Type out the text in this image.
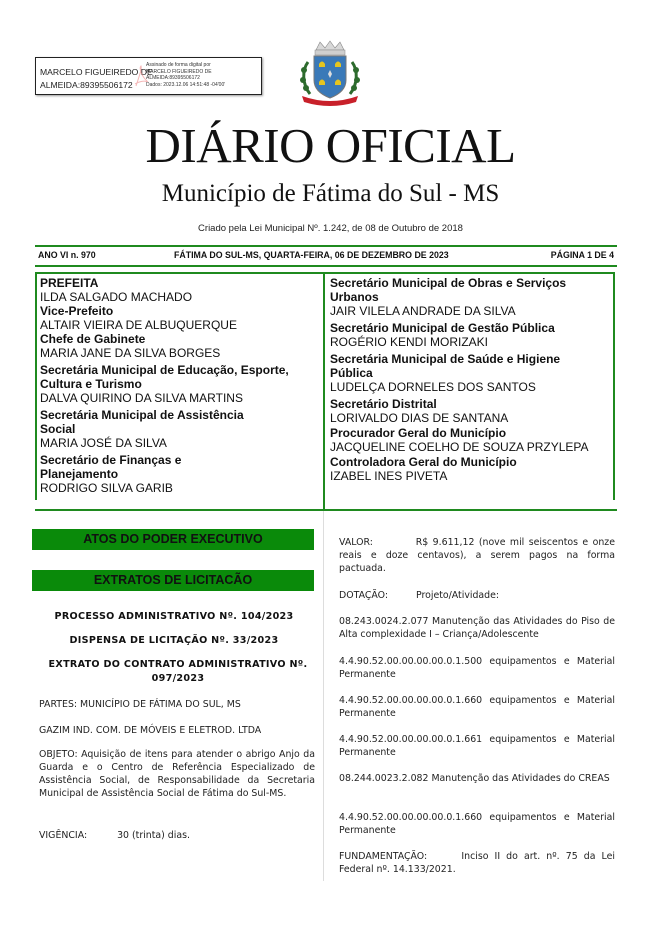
MARCELO FIGUEIREDO DE
ALMEIDA:89395506172
Assinado de forma digital por
MARCELO FIGUEIREDO DE
ALMEIDA:89395506172
Dados: 2023.12.06 14:51:48 -04'00'
DIÁRIO OFICIAL
Município de Fátima do Sul - MS
Criado pela Lei Municipal Nº. 1.242, de 08 de Outubro de 2018
ANO VI n. 970	FÁTIMA DO SUL-MS, QUARTA-FEIRA, 06 DE DEZEMBRO DE 2023	PÁGINA 1 DE 4
PREFEITA
ILDA SALGADO MACHADO
Vice-Prefeito
ALTAIR VIEIRA DE ALBUQUERQUE
Chefe de Gabinete
MARIA JANE DA SILVA BORGES
Secretária Municipal de Educação, Esporte, Cultura e Turismo
DALVA QUIRINO DA SILVA MARTINS
Secretária Municipal de Assistência Social
MARIA JOSÉ DA SILVA
Secretário de Finanças e Planejamento
RODRIGO SILVA GARIB
Secretário Municipal de Obras e Serviços Urbanos
JAIR VILELA ANDRADE DA SILVA
Secretário Municipal de Gestão Pública
ROGÉRIO KENDI MORIZAKI
Secretária Municipal de Saúde e Higiene Pública
LUDELÇA DORNELES DOS SANTOS
Secretário Distrital
LORIVALDO DIAS DE SANTANA
Procurador Geral do Município
JACQUELINE COELHO DE SOUZA PRZYLEPA
Controladora Geral do Município
IZABEL INES PIVETA
ATOS DO PODER EXECUTIVO
EXTRATOS DE LICITACÃO
PROCESSO ADMINISTRATIVO Nº. 104/2023
DISPENSA DE LICITAÇÃO Nº. 33/2023
EXTRATO DO CONTRATO ADMINISTRATIVO Nº. 097/2023
PARTES: MUNICÍPIO DE FÁTIMA DO SUL, MS
GAZIM IND. COM. DE MÓVEIS E ELETROD. LTDA
OBJETO: Aquisição de itens para atender o abrigo Anjo da Guarda e o Centro de Referência Especializado de Assistência Social, de Responsabilidade da Secretaria Municipal de Assistência Social de Fátima do Sul-MS.
VIGÊNCIA:	30 (trinta) dias.
VALOR:	R$ 9.611,12 (nove mil seiscentos e onze reais e doze centavos), a serem pagos na forma pactuada.
DOTAÇÃO:	Projeto/Atividade:
08.243.0024.2.077 Manutenção das Atividades do Piso de Alta complexidade I – Criança/Adolescente
4.4.90.52.00.00.00.00.0.1.500 equipamentos e Material Permanente
4.4.90.52.00.00.00.00.0.1.660 equipamentos e Material Permanente
4.4.90.52.00.00.00.00.0.1.661 equipamentos e Material Permanente
08.244.0023.2.082 Manutenção das Atividades do CREAS
4.4.90.52.00.00.00.00.0.1.660 equipamentos e Material Permanente
FUNDAMENTAÇÃO:	Inciso II do art. nº. 75 da Lei Federal nº. 14.133/2021.
